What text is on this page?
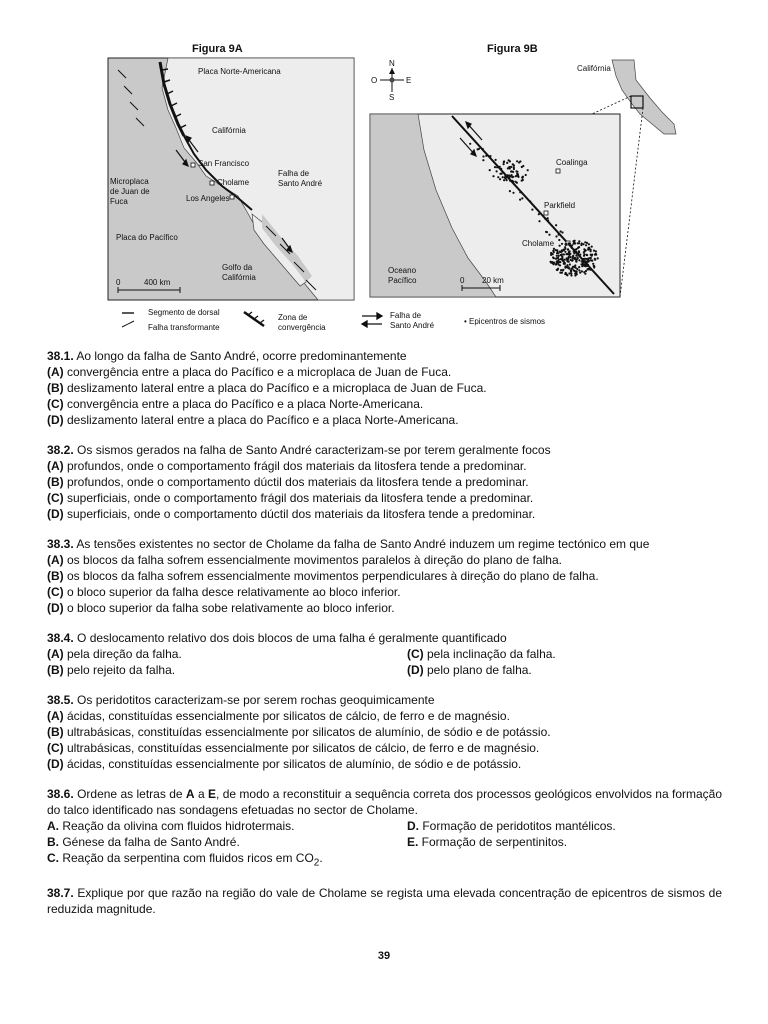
Figura 9A	Figura 9B
Placa Norte-Americana
Califórnia
San Francisco
Cholame
Falha de
Santo André
Los Angeles
Microplaca
de Juan de
Fuca
Placa do Pacífico
Golfo da
Califórnia
0	400 km
Califórnia
N
S
E
O
Coalinga
Parkfield
Cholame
Oceano
Pacífico	0 20 km
Segmento de dorsal
Falha transformante
Zona de
convergência
Falha de
Santo André	• Epicentros de sismos

38.1. Ao longo da falha de Santo André, ocorre predominantemente

(A) convergência entre a placa do Pacífico e a microplaca de Juan de Fuca.

(B) deslizamento lateral entre a placa do Pacífico e a microplaca de Juan de Fuca.

(C) convergência entre a placa do Pacífico e a placa Norte-Americana.

(D) deslizamento lateral entre a placa do Pacífico e a placa Norte-Americana.

38.2. Os sismos gerados na falha de Santo André caracterizam-se por terem geralmente focos

(A) profundos, onde o comportamento frágil dos materiais da litosfera tende a predominar.

(B) profundos, onde o comportamento dúctil dos materiais da litosfera tende a predominar.

(C) superficiais, onde o comportamento frágil dos materiais da litosfera tende a predominar.

(D) superficiais, onde o comportamento dúctil dos materiais da litosfera tende a predominar.

38.3. As tensões existentes no sector de Cholame da falha de Santo André induzem um regime tectónico em que

(A) os blocos da falha sofrem essencialmente movimentos paralelos à direção do plano de falha.

(B) os blocos da falha sofrem essencialmente movimentos perpendiculares à direção do plano de falha.

(C) o bloco superior da falha desce relativamente ao bloco inferior.

(D) o bloco superior da falha sobe relativamente ao bloco inferior.

38.4. O deslocamento relativo dos dois blocos de uma falha é geralmente quantificado

(A) pela direção da falha.	(C) pela inclinação da falha.

(B) pelo rejeito da falha.	(D) pelo plano de falha.

38.5. Os peridotitos caracterizam-se por serem rochas geoquimicamente

(A) ácidas, constituídas essencialmente por silicatos de cálcio, de ferro e de magnésio.

(B) ultrabásicas, constituídas essencialmente por silicatos de alumínio, de sódio e de potássio.

(C) ultrabásicas, constituídas essencialmente por silicatos de cálcio, de ferro e de magnésio.

(D) ácidas, constituídas essencialmente por silicatos de alumínio, de sódio e de potássio.

38.6. Ordene as letras de A a E, de modo a reconstituir a sequência correta dos processos geológicos envolvidos na formação do talco identificado nas sondagens efetuadas no sector de Cholame.

A. Reação da olivina com fluidos hidrotermais.	D. Formação de peridotitos mantélicos.

B. Génese da falha de Santo André.	E. Formação de serpentinitos.

C. Reação da serpentina com fluidos ricos em $CO_2$.

38.7. Explique por que razão na região do vale de Cholame se regista uma elevada concentração de epicentros de sismos de reduzida magnitude.

39
